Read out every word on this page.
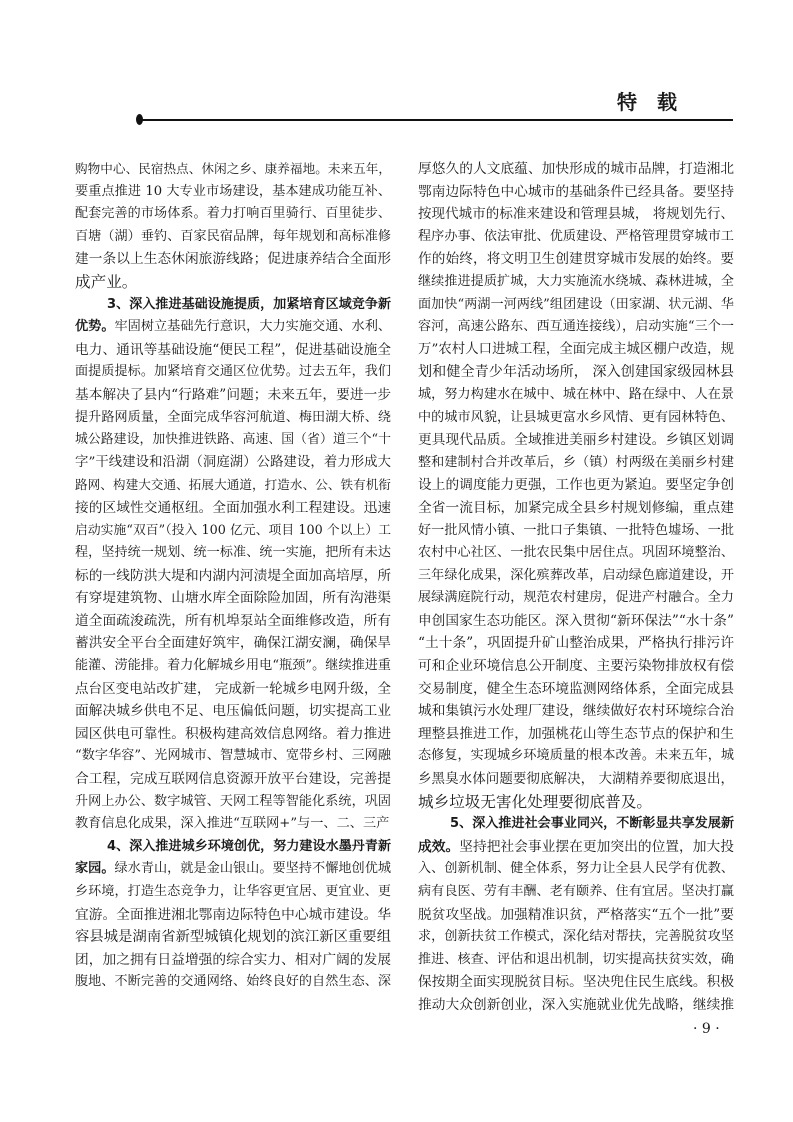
特 载
购物中心、民宿热点、休闲之乡、康养福地。未来五年，
要重点推进 10 大专业市场建设，基本建成功能互补、
配套完善的市场体系。着力打响百里骑行、百里徒步、
百塘（湖）垂钓、百家民宿品牌，每年规划和高标准修
建一条以上生态休闲旅游线路；促进康养结合全面形
成产业。
3、深入推进基础设施提质，加紧培育区域竞争新
优势。牢固树立基础先行意识，大力实施交通、水利、
电力、通讯等基础设施“便民工程”，促进基础设施全
面提质提标。加紧培育交通区位优势。过去五年，我们
基本解决了县内“行路难”问题；未来五年，要进一步
提升路网质量，全面完成华容河航道、梅田湖大桥、绕
城公路建设，加快推进铁路、高速、国（省）道三个“十
字”干线建设和沿湖（洞庭湖）公路建设，着力形成大
路网、构建大交通、拓展大通道，打造水、公、铁有机衔
接的区域性交通枢纽。全面加强水利工程建设。迅速
启动实施“双百”（投入 100 亿元、项目 100 个以上）工
程，坚持统一规划、统一标准、统一实施，把所有未达
标的一线防洪大堤和内湖内河渍堤全面加高培厚，所
有穿堤建筑物、山塘水库全面除险加固，所有沟港渠
道全面疏浚疏洗，所有机埠泵站全面维修改造，所有
蓄洪安全平台全面建好筑牢，确保江湖安澜，确保旱
能灌、涝能排。着力化解城乡用电“瓶颈”。继续推进重
点台区变电站改扩建， 完成新一轮城乡电网升级，全
面解决城乡供电不足、电压偏低问题，切实提高工业
园区供电可靠性。积极构建高效信息网络。着力推进
“数字华容”、光网城市、智慧城市、宽带乡村、三网融
合工程，完成互联网信息资源开放平台建设，完善提
升网上办公、数字城管、天网工程等智能化系统，巩固
教育信息化成果，深入推进“互联网+”与一、二、三产
4、深入推进城乡环境创优，努力建设水墨丹青新
家园。绿水青山，就是金山银山。要坚持不懈地创优城
乡环境，打造生态竞争力，让华容更宜居、更宜业、更
宜游。全面推进湘北鄂南边际特色中心城市建设。华
容县城是湖南省新型城镇化规划的滨江新区重要组
团，加之拥有日益增强的综合实力、相对广阔的发展
腹地、不断完善的交通网络、始终良好的自然生态、深
厚悠久的人文底蕴、加快形成的城市品牌，打造湘北
鄂南边际特色中心城市的基础条件已经具备。要坚持
按现代城市的标准来建设和管理县城， 将规划先行、
程序办事、依法审批、优质建设、严格管理贯穿城市工
作的始终，将文明卫生创建贯穿城市发展的始终。要
继续推进提质扩城，大力实施流水绕城、森林进城，全
面加快“两湖一河两线”组团建设（田家湖、状元湖、华
容河，高速公路东、西互通连接线），启动实施“三个一
万”农村人口进城工程，全面完成主城区棚户改造，规
划和健全青少年活动场所， 深入创建国家级园林县
城，努力构建水在城中、城在林中、路在绿中、人在景
中的城市风貌，让县城更富水乡风情、更有园林特色、
更具现代品质。全域推进美丽乡村建设。乡镇区划调
整和建制村合并改革后，乡（镇）村两级在美丽乡村建
设上的调度能力更强，工作也更为紧迫。要坚定争创
全省一流目标，加紧完成全县乡村规划修编，重点建
好一批风情小镇、一批口子集镇、一批特色墟场、一批
农村中心社区、一批农民集中居住点。巩固环境整治、
三年绿化成果，深化殡葬改革，启动绿色廊道建设，开
展绿满庭院行动，规范农村建房，促进产村融合。全力
申创国家生态功能区。深入贯彻“新环保法”“水十条”
“土十条”，巩固提升矿山整治成果，严格执行排污许
可和企业环境信息公开制度、主要污染物排放权有偿
交易制度，健全生态环境监测网络体系，全面完成县
城和集镇污水处理厂建设，继续做好农村环境综合治
理整县推进工作，加强桃花山等生态节点的保护和生
态修复，实现城乡环境质量的根本改善。未来五年，城
乡黑臭水体问题要彻底解决， 大湖精养要彻底退出，
城乡垃圾无害化处理要彻底普及。
5、深入推进社会事业同兴，不断彰显共享发展新
成效。坚持把社会事业摆在更加突出的位置，加大投
入、创新机制、健全体系，努力让全县人民学有优教、
病有良医、劳有丰酬、老有颐养、住有宜居。坚决打赢
脱贫攻坚战。加强精准识贫，严格落实“五个一批”要
求，创新扶贫工作模式，深化结对帮扶，完善脱贫攻坚
推进、核查、评估和退出机制，切实提高扶贫实效，确
保按期全面实现脱贫目标。坚决兜住民生底线。积极
推动大众创新创业，深入实施就业优先战略，继续推
· 9 ·
